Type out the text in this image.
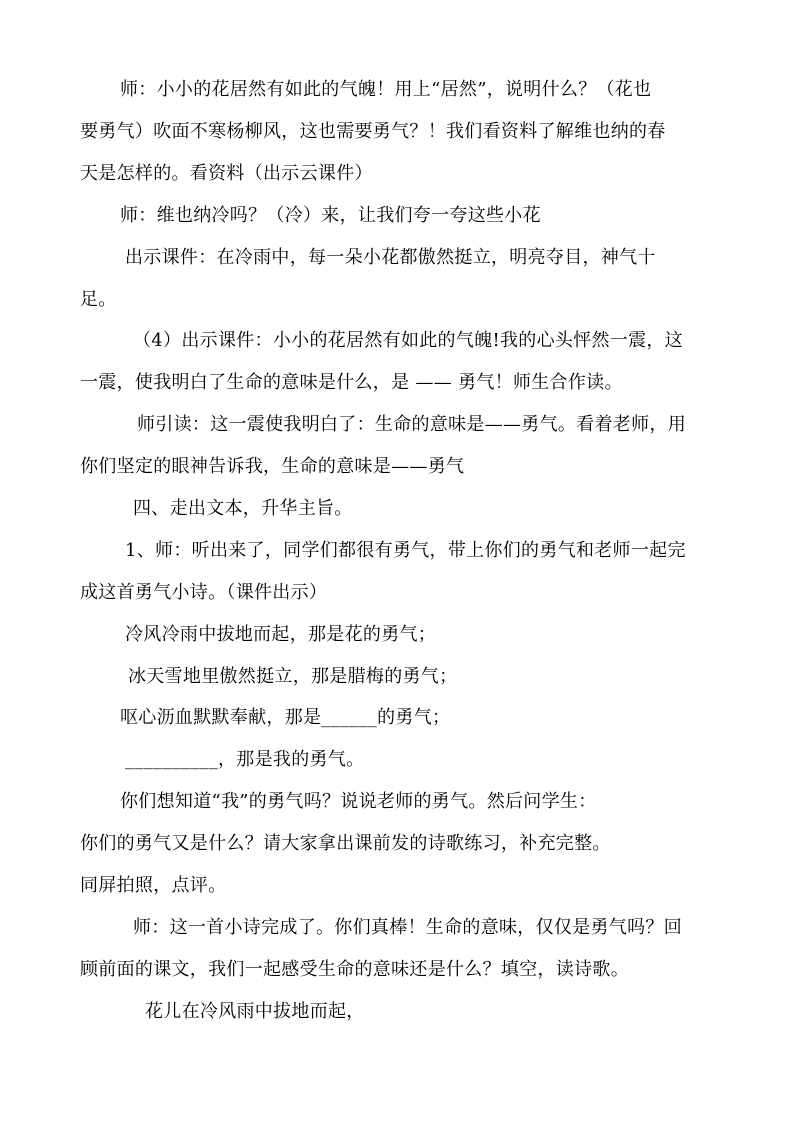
师：小小的花居然有如此的气魄！用上“居然”，说明什么？（花也
要勇气）吹面不寒杨柳风，这也需要勇气？！我们看资料了解维也纳的春
天是怎样的。看资料（出示云课件）
师：维也纳冷吗？（冷）来，让我们夸一夸这些小花
出示课件：在冷雨中，每一朵小花都傲然挺立，明亮夺目，神气十
足。
（4）出示课件：小小的花居然有如此的气魄!我的心头怦然一震，这
一震，使我明白了生命的意味是什么，是 —— 勇气！师生合作读。
师引读：这一震使我明白了：生命的意味是——勇气。看着老师，用
你们坚定的眼神告诉我，生命的意味是——勇气
四、走出文本，升华主旨。
1、师：听出来了，同学们都很有勇气，带上你们的勇气和老师一起完
成这首勇气小诗。（课件出示）
冷风冷雨中拔地而起，那是花的勇气；
冰天雪地里傲然挺立，那是腊梅的勇气；
呕心沥血默默奉献，那是______的勇气；
__________，那是我的勇气。
你们想知道“我”的勇气吗？说说老师的勇气。然后问学生：
你们的勇气又是什么？请大家拿出课前发的诗歌练习，补充完整。
同屏拍照，点评。
师：这一首小诗完成了。你们真棒！生命的意味，仅仅是勇气吗？回
顾前面的课文，我们一起感受生命的意味还是什么？填空，读诗歌。
花儿在冷风雨中拔地而起，
